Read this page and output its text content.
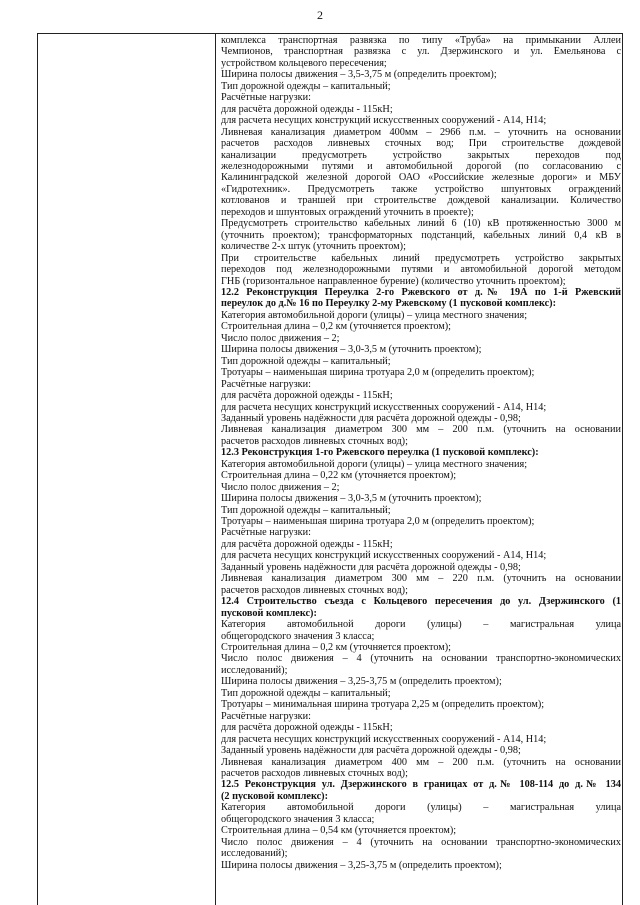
2

комплекса транспортная развязка по типу «Труба» на примыкании Аллеи

Чемпионов, транспортная развязка с ул. Дзержинского и ул. Емельянова с

устройством кольцевого пересечения;

Ширина полосы движения – 3,5-3,75 м (определить проектом);

Тип дорожной одежды – капитальный;

Расчётные нагрузки:

для расчёта дорожной одежды - 115кН;

для расчета несущих конструкций искусственных сооружений - А14, Н14;

Ливневая канализация диаметром 400мм – 2966 п.м. – уточнить на основании

расчетов расходов ливневых сточных вод; При строительстве дождевой

канализации предусмотреть устройство закрытых переходов под

железнодорожными путями и автомобильной дорогой (по согласованию с

Калининградской железной дорогой ОАО «Российские железные дороги» и МБУ

«Гидротехник». Предусмотреть также устройство шпунтовых ограждений

котлованов и траншей при строительстве дождевой канализации. Количество

переходов и шпунтовых ограждений уточнить в проекте);

Предусмотреть строительство кабельных линий 6 (10) кВ протяженностью 3000 м

(уточнить проектом); трансформаторных подстанций, кабельных линий 0,4 кВ в

количестве 2-х штук (уточнить проектом);

При строительстве кабельных линий предусмотреть устройство закрытых

переходов под железнодорожными путями и автомобильной дорогой методом

ГНБ (горизонтальное направленное бурение) (количество уточнить проектом);

12.2 Реконструкция Переулка 2-го Ржевского от д.№ 19А по 1-й Ржевский

переулок до д.№ 16 по Переулку 2-му Ржевскому (1 пусковой комплекс):

Категория автомобильной дороги (улицы) – улица местного значения;

Строительная длина – 0,2 км (уточняется проектом);

Число полос движения – 2;

Ширина полосы движения – 3,0-3,5 м (уточнить проектом);

Тип дорожной одежды – капитальный;

Тротуары – наименьшая ширина тротуара 2,0 м (определить проектом);

Расчётные нагрузки:

для расчёта дорожной одежды - 115кН;

для расчета несущих конструкций искусственных сооружений - А14, Н14;

Заданный уровень надёжности для расчёта дорожной одежды - 0,98;

Ливневая канализация диаметром 300 мм – 200 п.м. (уточнить на основании

расчетов расходов ливневых сточных вод);

12.3 Реконструкция 1-го Ржевского переулка (1 пусковой комплекс):

Категория автомобильной дороги (улицы) – улица местного значения;

Строительная длина – 0,22 км (уточняется проектом);

Число полос движения – 2;

Ширина полосы движения – 3,0-3,5 м (уточнить проектом);

Тип дорожной одежды – капитальный;

Тротуары – наименьшая ширина тротуара 2,0 м (определить проектом);

Расчётные нагрузки:

для расчёта дорожной одежды - 115кН;

для расчета несущих конструкций искусственных сооружений - А14, Н14;

Заданный уровень надёжности для расчёта дорожной одежды - 0,98;

Ливневая канализация диаметром 300 мм – 220 п.м. (уточнить на основании

расчетов расходов ливневых сточных вод);

12.4 Строительство съезда с Кольцевого пересечения до ул. Дзержинского (1

пусковой комплекс):

Категория автомобильной дороги (улицы) – магистральная улица

общегородского значения 3 класса;

Строительная длина – 0,2 км (уточняется проектом);

Число полос движения – 4 (уточнить на основании транспортно-экономических

исследований);

Ширина полосы движения – 3,25-3,75 м (определить проектом);

Тип дорожной одежды – капитальный;

Тротуары – минимальная ширина тротуара 2,25 м (определить проектом);

Расчётные нагрузки:

для расчёта дорожной одежды - 115кН;

для расчета несущих конструкций искусственных сооружений - А14, Н14;

Заданный уровень надёжности для расчёта дорожной одежды - 0,98;

Ливневая канализация диаметром 400 мм – 200 п.м. (уточнить на основании

расчетов расходов ливневых сточных вод);

12.5 Реконструкция ул. Дзержинского в границах от д.№ 108-114 до д.№ 134

(2 пусковой комплекс):

Категория автомобильной дороги (улицы) – магистральная улица

общегородского значения 3 класса;

Строительная длина – 0,54 км (уточняется проектом);

Число полос движения – 4 (уточнить на основании транспортно-экономических

исследований);

Ширина полосы движения – 3,25-3,75 м (определить проектом);
